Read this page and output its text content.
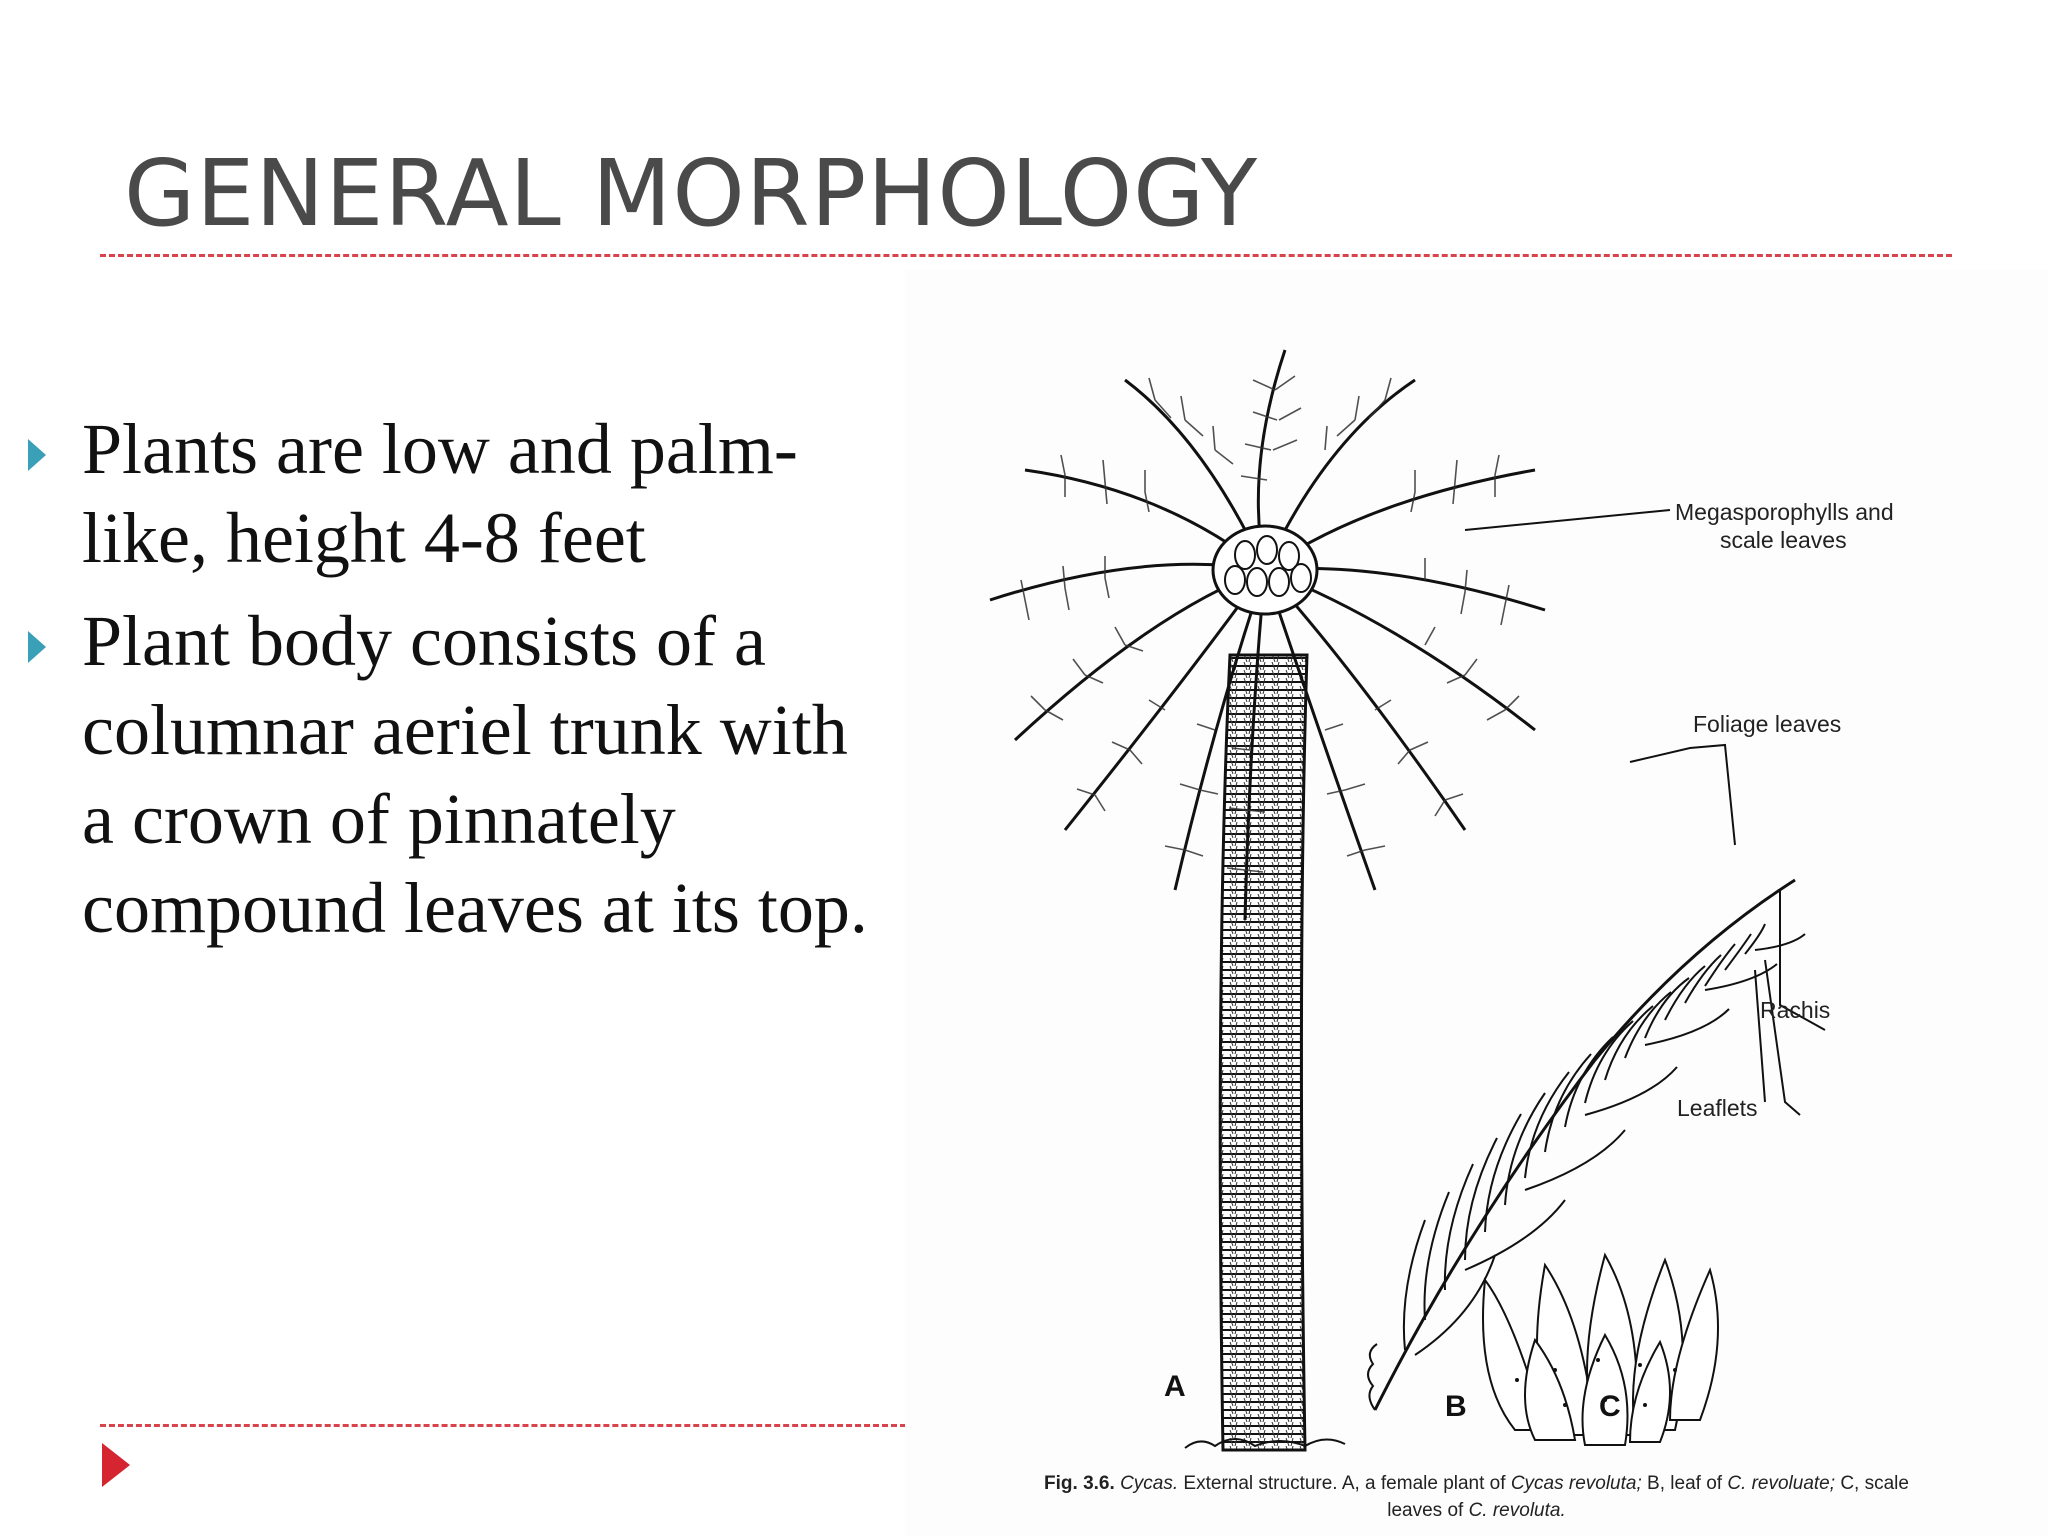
GENERAL MORPHOLOGY
Plants are low and palm-like, height 4-8 feet
Plant body consists of a columnar aeriel trunk with a crown of pinnately compound leaves at its top.
Megasporophylls and
scale leaves
Foliage leaves
Rachis
Leaflets
A
B	C
Fig. 3.6. Cycas. External structure. A, a female plant of Cycas revoluta; B, leaf of C. revoluate; C, scale
leaves of C. revoluta.
